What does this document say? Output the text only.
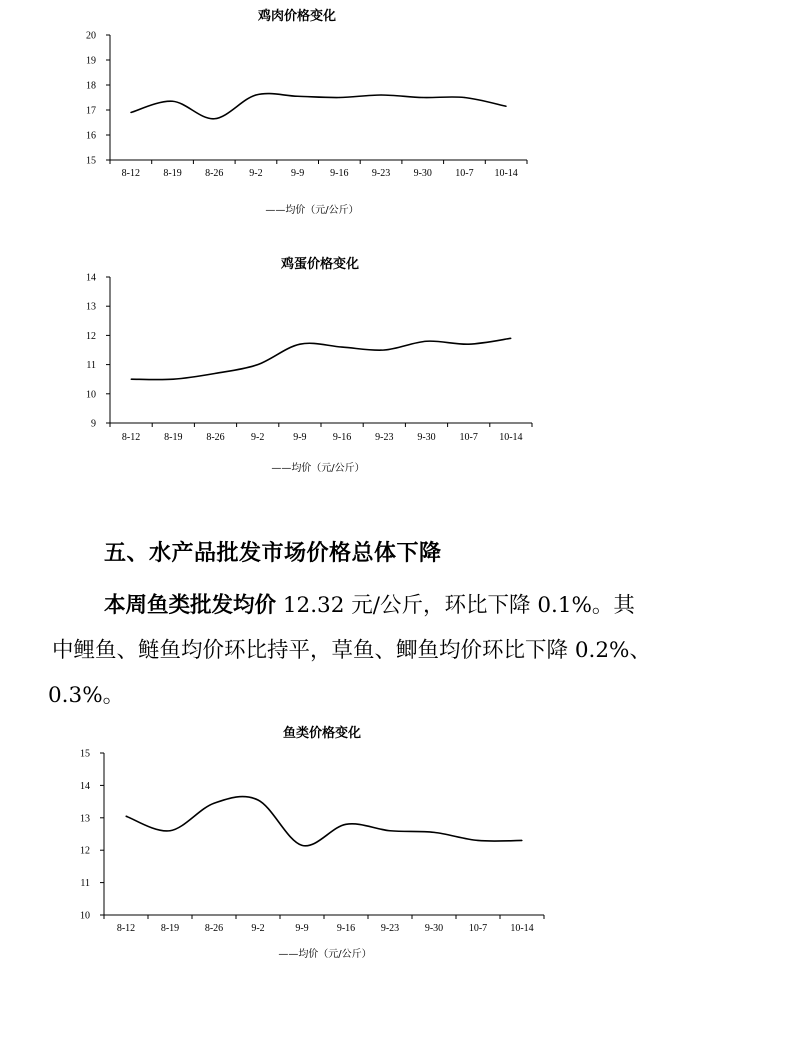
鸡肉价格变化
15
16
17
18
19
20
8-12 8-19 8-26	9-2	9-9	9-16 9-23 9-30 10-7 10-14
——均价（元/公斤）
鸡蛋价格变化
9
10
11
12
13
14
8-12 8-19 8-26	9-2	9-9	9-16 9-23 9-30 10-7 10-14
——均价（元/公斤）
五、水产品批发市场价格总体下降
本周鱼类批发均价 12.32 元/公斤，环比下降 0.1%。其
中鲤鱼、鲢鱼均价环比持平，草鱼、鲫鱼均价环比下降 0.2%、
0.3%。
鱼类价格变化
10
11
12
13
14
15
8-12	8-19	8-26	9-2	9-9	9-16	9-23	9-30	10-7 10-14
——均价（元/公斤）
